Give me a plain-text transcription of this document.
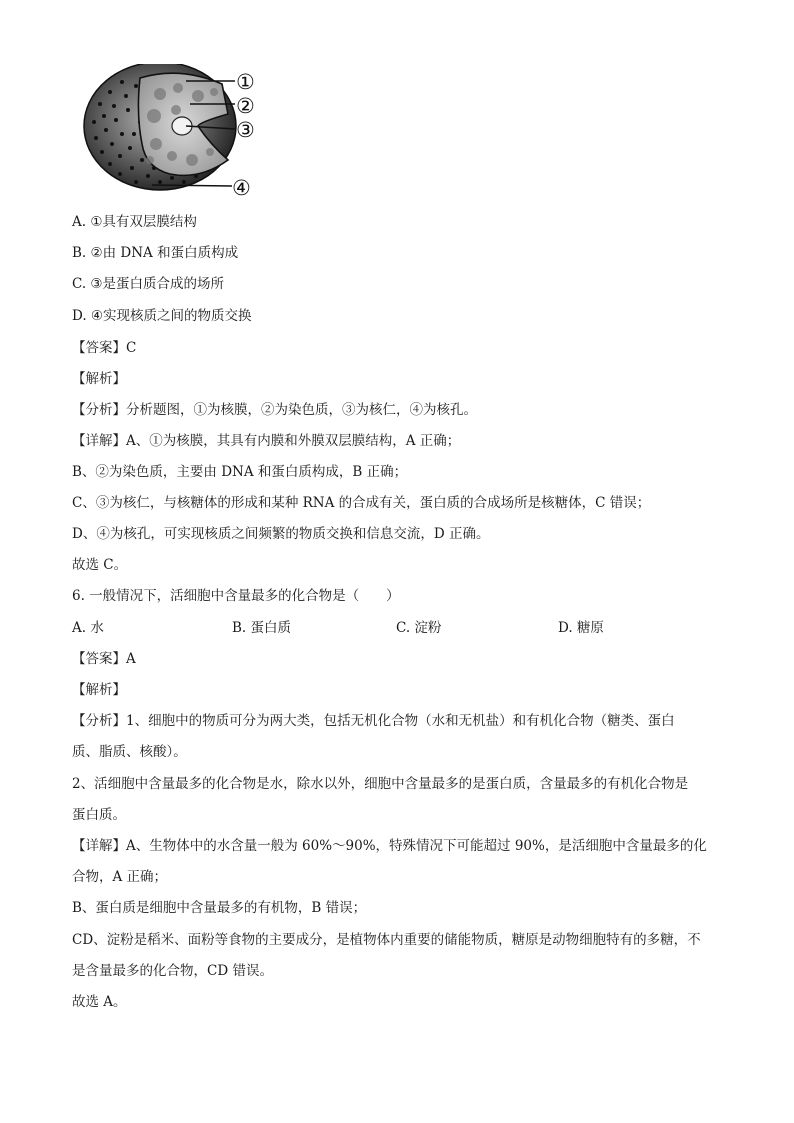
①
②
③
④
A. ①具有双层膜结构
B. ②由 DNA 和蛋白质构成
C. ③是蛋白质合成的场所
D. ④实现核质之间的物质交换
【答案】C
【解析】
【分析】分析题图，①为核膜，②为染色质，③为核仁，④为核孔。
【详解】A、①为核膜，其具有内膜和外膜双层膜结构，A 正确；
B、②为染色质，主要由 DNA 和蛋白质构成，B 正确；
C、③为核仁，与核糖体的形成和某种 RNA 的合成有关，蛋白质的合成场所是核糖体，C 错误；
D、④为核孔，可实现核质之间频繁的物质交换和信息交流，D 正确。
故选 C。
6. 一般情况下，活细胞中含量最多的化合物是（　　）
A. 水	B. 蛋白质	C. 淀粉	D. 糖原
【答案】A
【解析】
【分析】1、细胞中的物质可分为两大类，包括无机化合物（水和无机盐）和有机化合物（糖类、蛋白
质、脂质、核酸）。
2、活细胞中含量最多的化合物是水，除水以外，细胞中含量最多的是蛋白质，含量最多的有机化合物是
蛋白质。
【详解】A、生物体中的水含量一般为 60%～90%，特殊情况下可能超过 90%，是活细胞中含量最多的化
合物，A 正确；
B、蛋白质是细胞中含量最多的有机物，B 错误；
CD、淀粉是稻米、面粉等食物的主要成分，是植物体内重要的储能物质，糖原是动物细胞特有的多糖，不
是含量最多的化合物，CD 错误。
故选 A。
